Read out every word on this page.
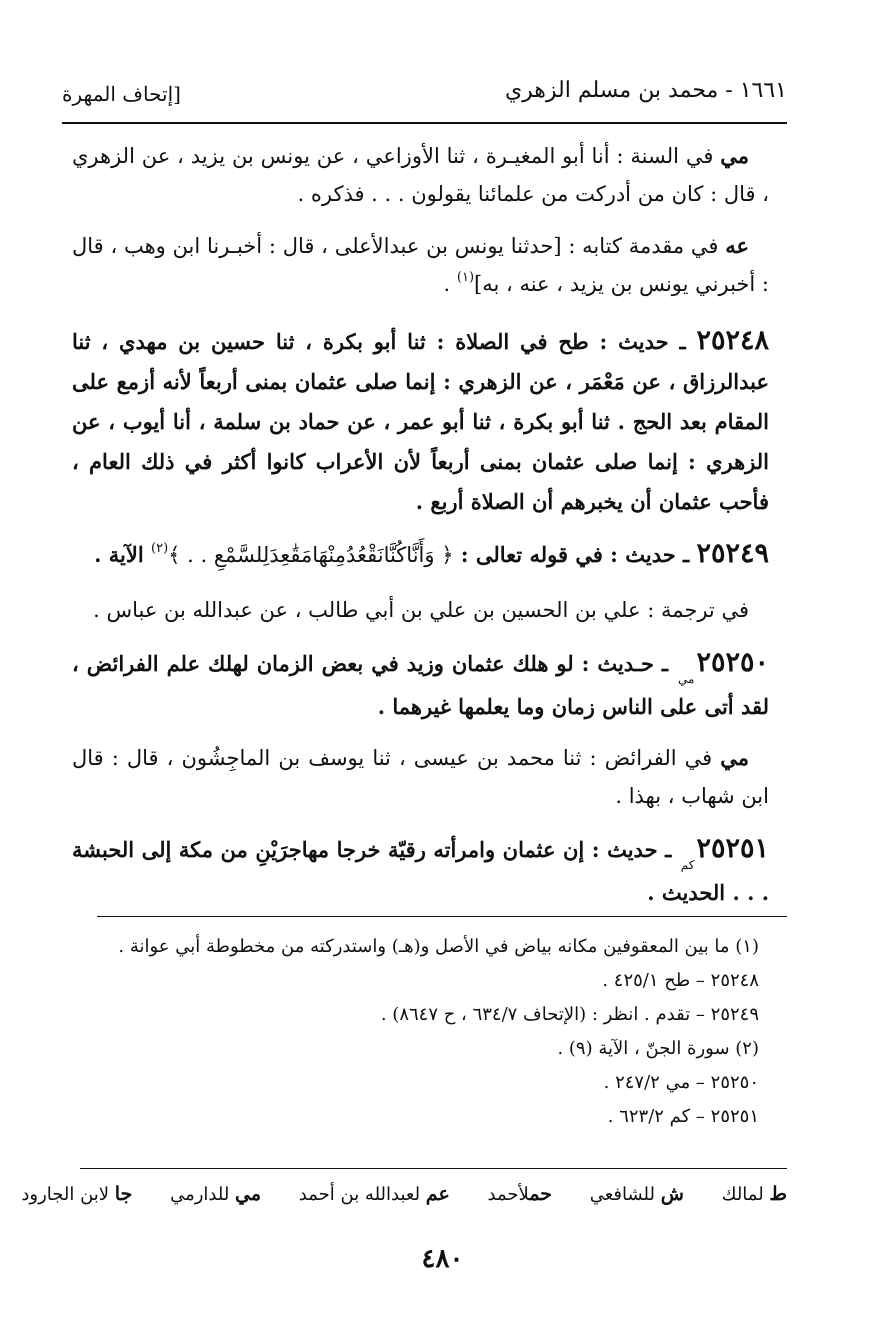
١٦٦١ - محمد بن مسلم الزهري
[إتحاف المهرة

مي في السنة : أنا أبو المغيـرة ، ثنا الأوزاعي ، عن يونس بن يزيد ، عن الزهري ، قال : كان من أدركت من علمائنا يقولون . . . فذكره .

عه في مقدمة كتابه : [حدثنا يونس بن عبدالأعلى ، قال : أخبـرنا ابن وهب ، قال : أخبرني يونس بن يزيد ، عنه ، به]$^{(١)}$ .

٢٥٢٤٨ ـ حديث : طح في الصلاة : ثنا أبو بكرة ، ثنا حسين بن مهدي ، ثنا عبدالرزاق ، عن مَعْمَر ، عن الزهري : إنما صلى عثمان بمنى أربعاً لأنه أزمع على المقام بعد الحج . ثنا أبو بكرة ، ثنا أبو عمر ، عن حماد بن سلمة ، أنا أيوب ، عن الزهري : إنما صلى عثمان بمنى أربعاً لأن الأعراب كانوا أكثر في ذلك العام ، فأحب عثمان أن يخبرهم أن الصلاة أربع .

٢٥٢٤٩ ـ حديث : في قوله تعالى : ﴿ وَأَنَّاكُنَّانَقْعُدُمِنْهَامَقَٰعِدَلِلسَّمْعِ . . ﴾$^{(٢)}$ الآية .

في ترجمة : علي بن الحسين بن علي بن أبي طالب ، عن عبدالله بن عباس .

$٢٥٢٥٠_{مي}$ ـ حـديث : لو هلك عثمان وزيد في بعض الزمان لهلك علم الفرائض ، لقد أتى على الناس زمان وما يعلمها غيرهما .

مي في الفرائض : ثنا محمد بن عيسى ، ثنا يوسف بن الماجِشُون ، قال : قال ابن شهاب ، بهذا .

$٢٥٢٥١_{كم}$ ـ حديث : إن عثمان وامرأته رقيّة خرجا مهاجرَيْنِ من مكة إلى الحبشة . . . الحديث .

(١) ما بين المعقوفين مكانه بياض في الأصل و(هـ) واستدركته من مخطوطة أبي عوانة .
٢٥٢٤٨ – طح ٤٢٥/١ .
٢٥٢٤٩ – تقدم . انظر : (الإتحاف ٦٣٤/٧ ، ح ٨٦٤٧) .
(٢) سورة الجنّ ، الآية (٩) .
٢٥٢٥٠ – مي ٢٤٧/٢ .
٢٥٢٥١ – كم ٦٢٣/٢ .
ط لمالك ش للشافعي حملأحمد عم لعبدالله بن أحمد مي للدارمي جا لابن الجارود
٤٨٠
